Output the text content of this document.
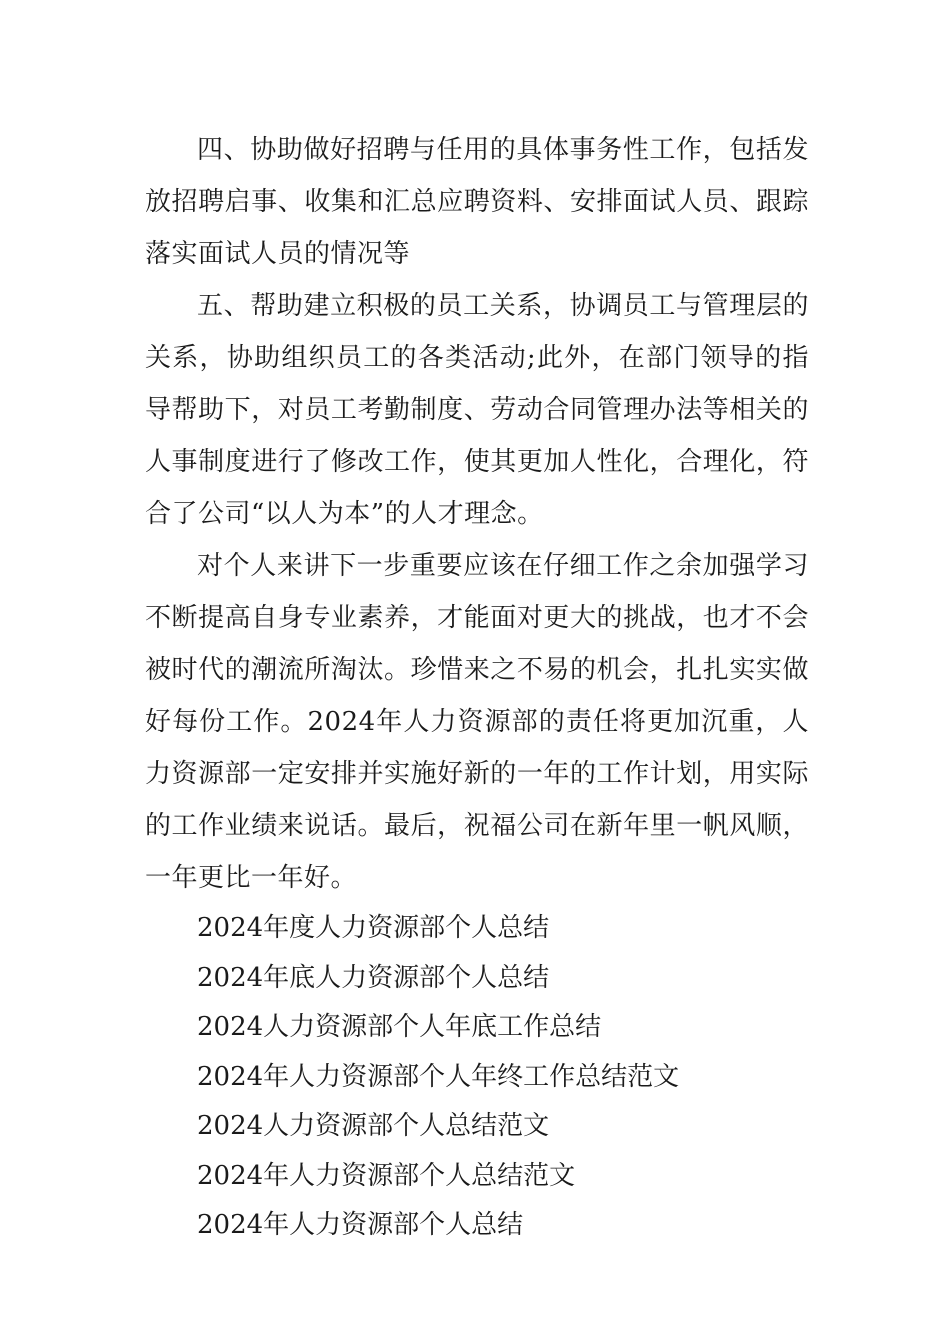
四、协助做好招聘与任用的具体事务性工作，包括发放招聘启事、收集和汇总应聘资料、安排面试人员、跟踪落实面试人员的情况等

五、帮助建立积极的员工关系，协调员工与管理层的关系，协助组织员工的各类活动;此外，在部门领导的指导帮助下，对员工考勤制度、劳动合同管理办法等相关的人事制度进行了修改工作，使其更加人性化，合理化，符合了公司“以人为本”的人才理念。

对个人来讲下一步重要应该在仔细工作之余加强学习不断提高自身专业素养，才能面对更大的挑战，也才不会被时代的潮流所淘汰。珍惜来之不易的机会，扎扎实实做好每份工作。2024年人力资源部的责任将更加沉重，人力资源部一定安排并实施好新的一年的工作计划，用实际的工作业绩来说话。最后，祝福公司在新年里一帆风顺，一年更比一年好。

2024年度人力资源部个人总结

2024年底人力资源部个人总结

2024人力资源部个人年底工作总结

2024年人力资源部个人年终工作总结范文

2024人力资源部个人总结范文

2024年人力资源部个人总结范文

2024年人力资源部个人总结
